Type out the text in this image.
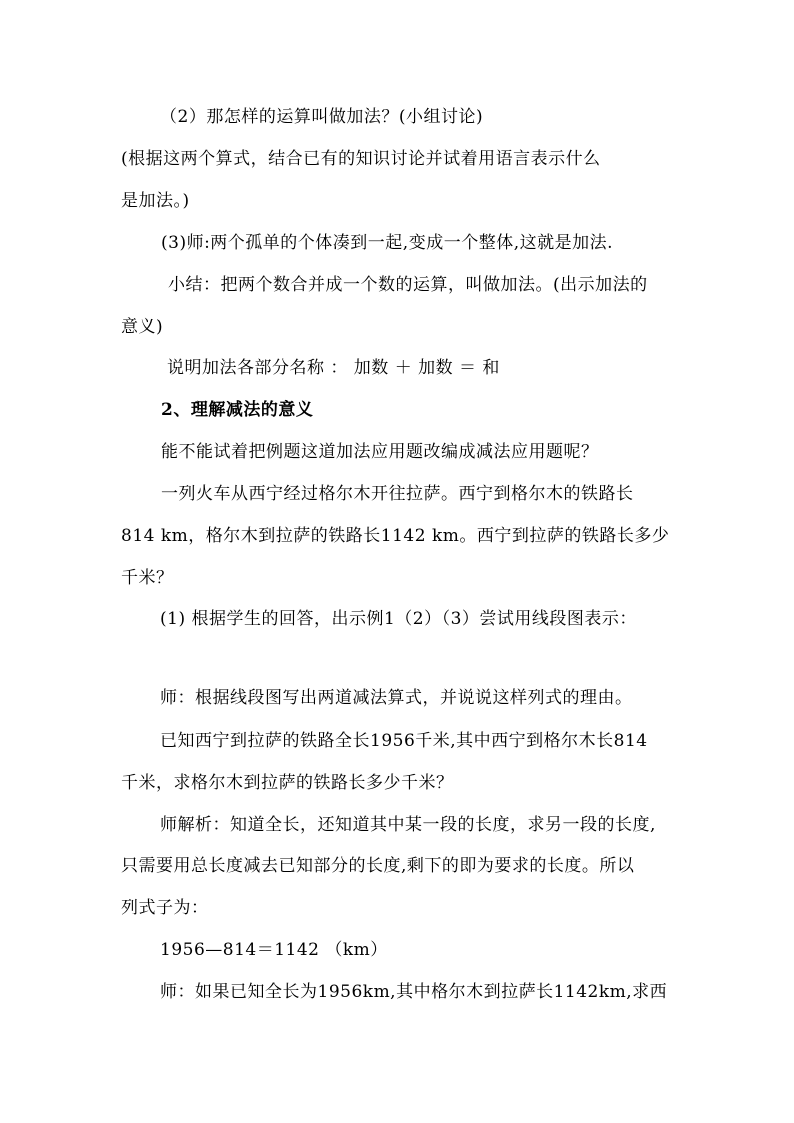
（2）那怎样的运算叫做加法？(小组讨论)
(根据这两个算式，结合已有的知识讨论并试着用语言表示什么
是加法。)
(3)师:两个孤单的个体凑到一起,变成一个整体,这就是加法.
小结：把两个数合并成一个数的运算，叫做加法。(出示加法的
意义)
说明加法各部分名称 ： 加数 ＋ 加数 ＝ 和
2、理解减法的意义
能不能试着把例题这道加法应用题改编成减法应用题呢？
一列火车从西宁经过格尔木开往拉萨。西宁到格尔木的铁路长
814 km，格尔木到拉萨的铁路长1142 km。西宁到拉萨的铁路长多少
千米？
(1) 根据学生的回答，出示例1（2）（3）尝试用线段图表示：
师：根据线段图写出两道减法算式，并说说这样列式的理由。
已知西宁到拉萨的铁路全长1956千米,其中西宁到格尔木长814
千米，求格尔木到拉萨的铁路长多少千米？
师解析：知道全长，还知道其中某一段的长度，求另一段的长度,
只需要用总长度减去已知部分的长度,剩下的即为要求的长度。所以
列式子为：
1956—814＝1142 （km）
师：如果已知全长为1956km,其中格尔木到拉萨长1142km,求西
